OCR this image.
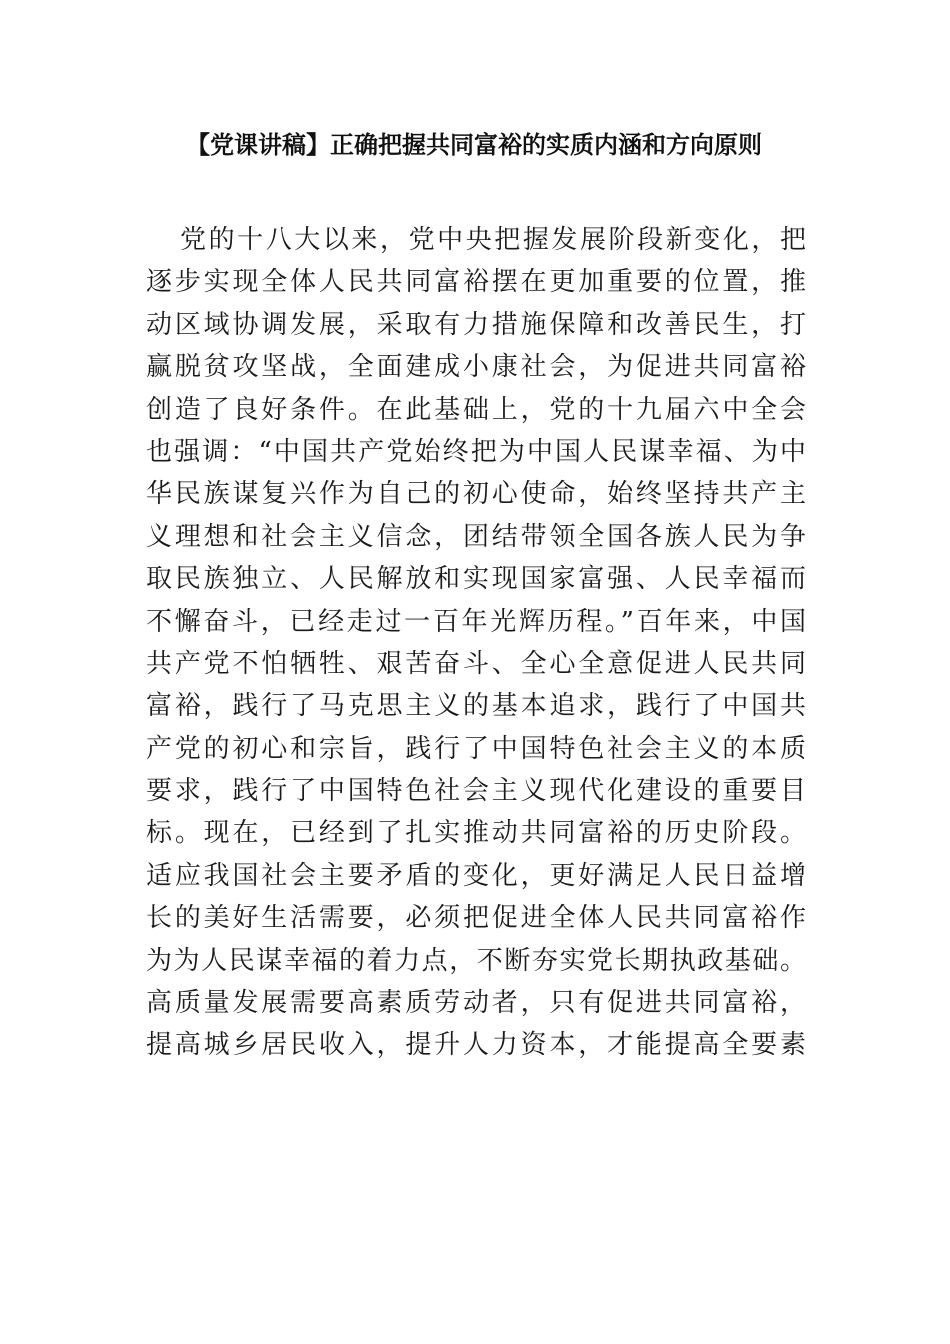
【党课讲稿】正确把握共同富裕的实质内涵和方向原则
党的十八大以来，党中央把握发展阶段新变化，把
逐步实现全体人民共同富裕摆在更加重要的位置，推
动区域协调发展，采取有力措施保障和改善民生，打
赢脱贫攻坚战，全面建成小康社会，为促进共同富裕
创造了良好条件。在此基础上，党的十九届六中全会
也强调：“中国共产党始终把为中国人民谋幸福、为中
华民族谋复兴作为自己的初心使命，始终坚持共产主
义理想和社会主义信念，团结带领全国各族人民为争
取民族独立、人民解放和实现国家富强、人民幸福而
不懈奋斗，已经走过一百年光辉历程。”百年来，中国
共产党不怕牺牲、艰苦奋斗、全心全意促进人民共同
富裕，践行了马克思主义的基本追求，践行了中国共
产党的初心和宗旨，践行了中国特色社会主义的本质
要求，践行了中国特色社会主义现代化建设的重要目
标。现在，已经到了扎实推动共同富裕的历史阶段。
适应我国社会主要矛盾的变化，更好满足人民日益增
长的美好生活需要，必须把促进全体人民共同富裕作
为为人民谋幸福的着力点，不断夯实党长期执政基础。
高质量发展需要高素质劳动者，只有促进共同富裕，
提高城乡居民收入，提升人力资本，才能提高全要素
